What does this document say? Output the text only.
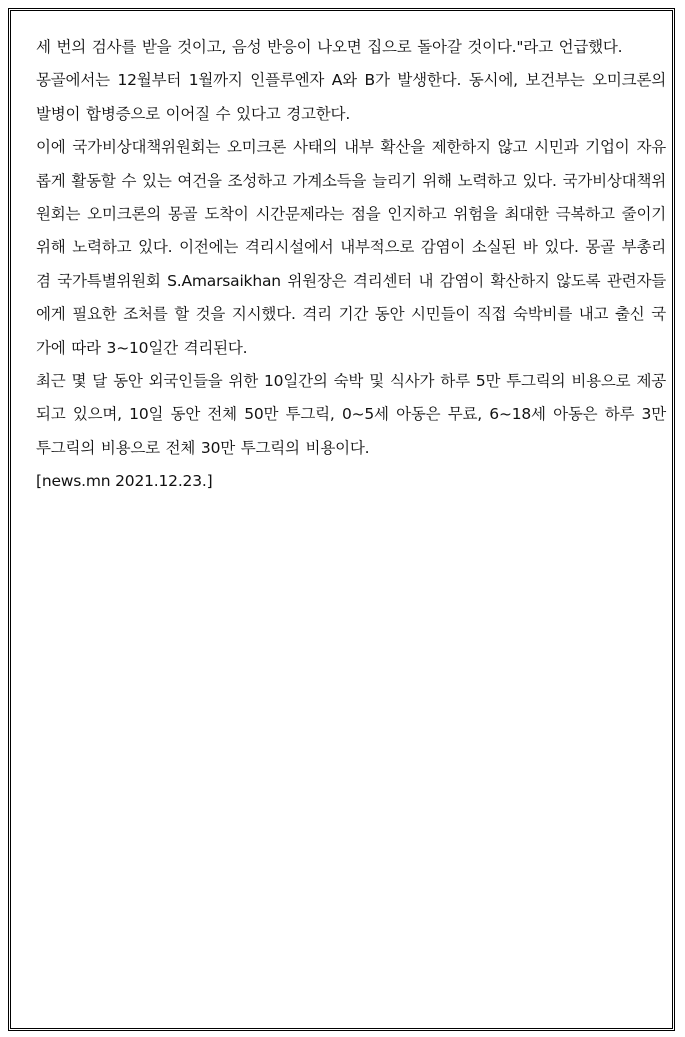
세 번의 검사를 받을 것이고, 음성 반응이 나오면 집으로 돌아갈 것이다."라고 언급했다.

몽골에서는 12월부터 1월까지 인플루엔자 A와 B가 발생한다. 동시에, 보건부는 오미크론의 발병이 합병증으로 이어질 수 있다고 경고한다.

이에 국가비상대책위원회는 오미크론 사태의 내부 확산을 제한하지 않고 시민과 기업이 자유롭게 활동할 수 있는 여건을 조성하고 가계소득을 늘리기 위해 노력하고 있다. 국가비상대책위원회는 오미크론의 몽골 도착이 시간문제라는 점을 인지하고 위험을 최대한 극복하고 줄이기 위해 노력하고 있다. 이전에는 격리시설에서 내부적으로 감염이 소실된 바 있다. 몽골 부총리 겸 국가특별위원회 S.Amarsaikhan 위원장은 격리센터 내 감염이 확산하지 않도록 관련자들에게 필요한 조처를 할 것을 지시했다. 격리 기간 동안 시민들이 직접 숙박비를 내고 출신 국가에 따라 3~10일간 격리된다.

최근 몇 달 동안 외국인들을 위한 10일간의 숙박 및 식사가 하루 5만 투그릭의 비용으로 제공되고 있으며, 10일 동안 전체 50만 투그릭, 0~5세 아동은 무료, 6~18세 아동은 하루 3만 투그릭의 비용으로 전체 30만 투그릭의 비용이다.

[news.mn 2021.12.23.]
